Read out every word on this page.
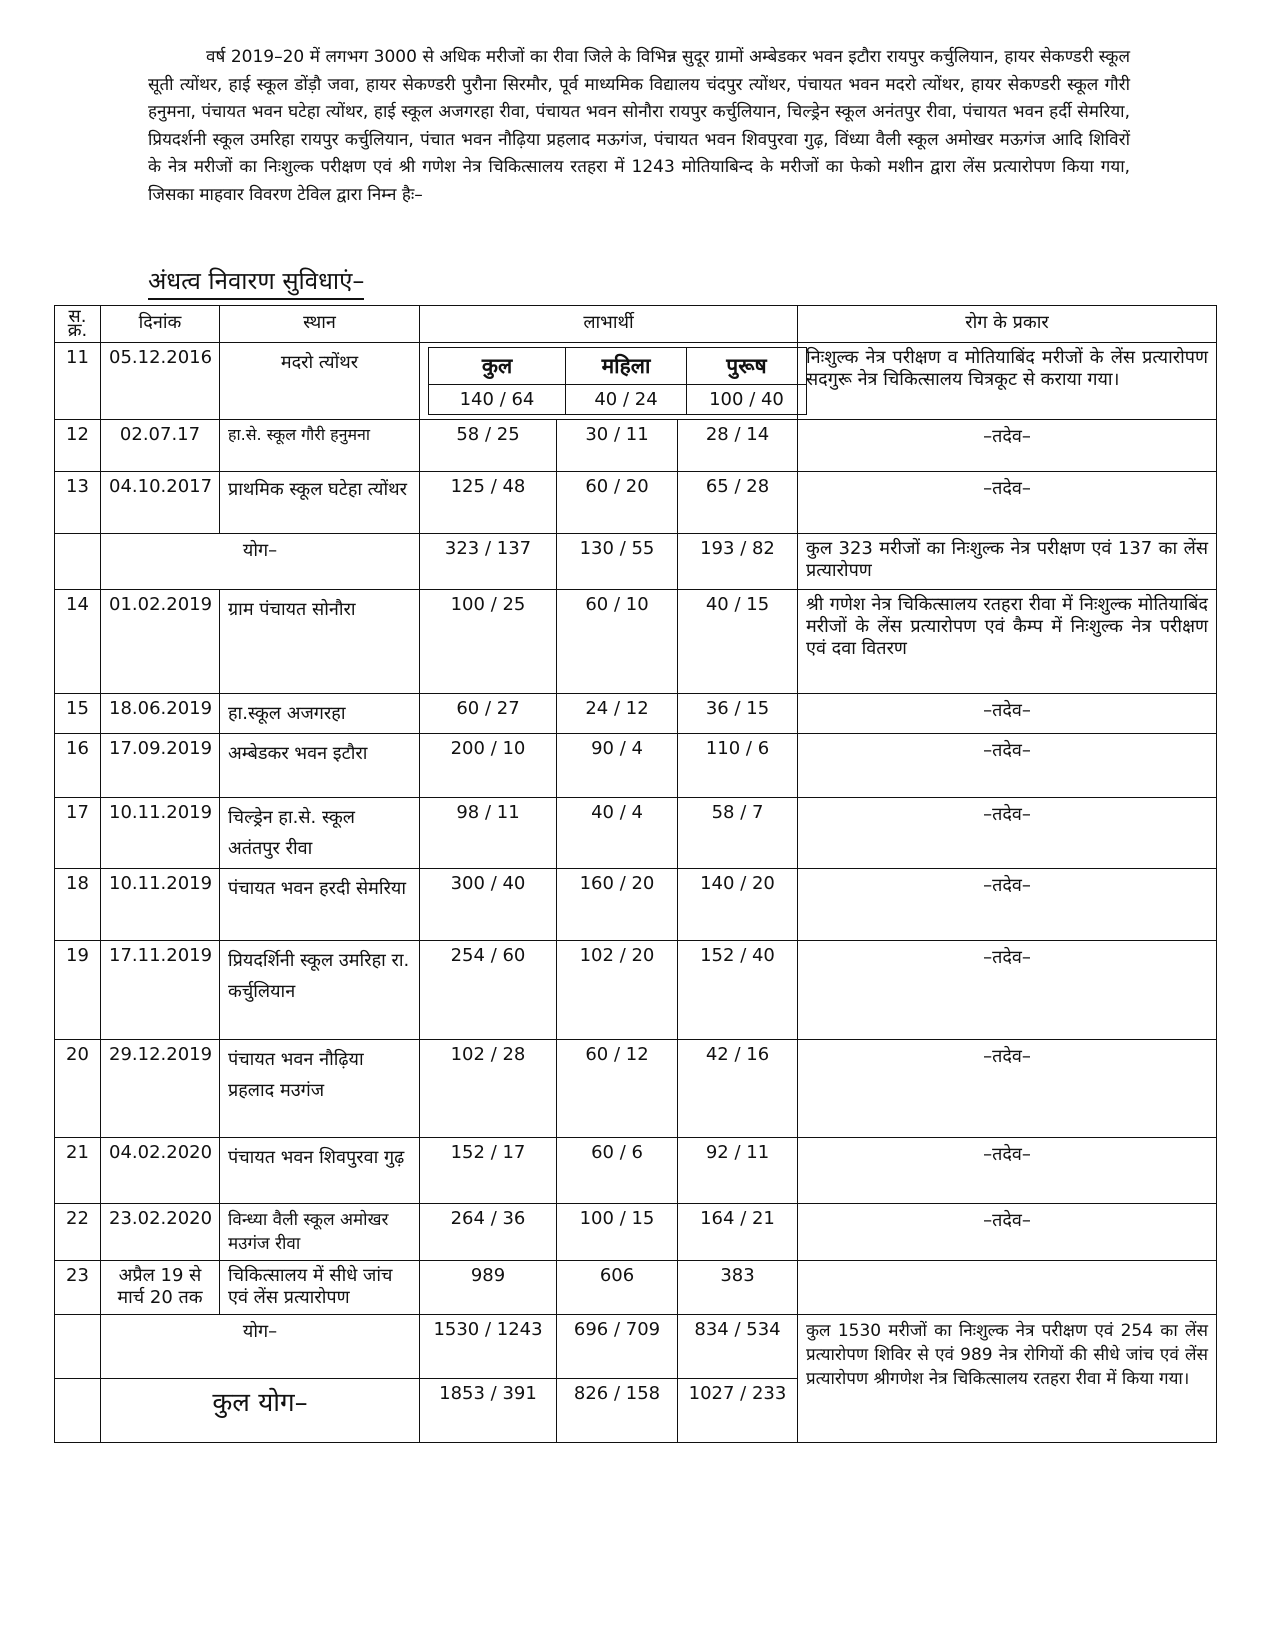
वर्ष 2019–20 में लगभग 3000 से अधिक मरीजों का रीवा जिले के विभिन्न सुदूर ग्रामों अम्बेडकर भवन इटौरा रायपुर कर्चुलियान, हायर सेकण्डरी स्कूल सूती त्योंथर, हाई स्कूल डोंड़ौ जवा, हायर सेकण्डरी पुरौना सिरमौर, पूर्व माध्यमिक विद्यालय चंदपुर त्योंथर, पंचायत भवन मदरो त्योंथर, हायर सेकण्डरी स्कूल गौरी हनुमना, पंचायत भवन घटेहा त्योंथर, हाई स्कूल अजगरहा रीवा, पंचायत भवन सोनौरा रायपुर कर्चुलियान, चिल्ड्रेन स्कूल अनंतपुर रीवा, पंचायत भवन हर्दी सेमरिया, प्रियदर्शनी स्कूल उमरिहा रायपुर कर्चुलियान, पंचात भवन नौढ़िया प्रहलाद मऊगंज, पंचायत भवन शिवपुरवा गुढ़, विंध्या वैली स्कूल अमोखर मऊगंज आदि शिविरों के नेत्र मरीजों का निःशुल्क परीक्षण एवं श्री गणेश नेत्र चिकित्सालय रतहरा में 1243 मोतियाबिन्द के मरीजों का फेको मशीन द्वारा लेंस प्रत्यारोपण किया गया, जिसका माहवार विवरण टेविल द्वारा निम्न हैः–

अंधत्व निवारण सुविधाएं–
स. क्र.	दिनांक	स्थान	लाभार्थी	रोग के प्रकार
11	05.12.2016	मदरो त्योंथर		कुल	महिला	पुरूष
140 / 64	40 / 24	100 / 40
	निःशुल्क नेत्र परीक्षण व मोतियाबिंद मरीजों के लेंस प्रत्यारोपण सदगुरू नेत्र चिकित्सालय चित्रकूट से कराया गया।
12	02.07.17	हा.से. स्कूल गौरी हनुमना	58 / 25	30 / 11	28 / 14	–तदेव–
13	04.10.2017	प्राथमिक स्कूल घटेहा त्योंथर	125 / 48	60 / 20	65 / 28	–तदेव–
	योग–	323 / 137	130 / 55	193 / 82	कुल 323 मरीजों का निःशुल्क नेत्र परीक्षण एवं 137 का लेंस प्रत्यारोपण
14	01.02.2019	ग्राम पंचायत सोनौरा	100 / 25	60 / 10	40 / 15	श्री गणेश नेत्र चिकित्सालय रतहरा रीवा में निःशुल्क मोतियाबिंद मरीजों के लेंस प्रत्यारोपण एवं कैम्प में निःशुल्क नेत्र परीक्षण एवं दवा वितरण
15	18.06.2019	हा.स्कूल अजगरहा	60 / 27	24 / 12	36 / 15	–तदेव–
16	17.09.2019	अम्बेडकर भवन इटौरा	200 / 10	90 / 4	110 / 6	–तदेव–
17	10.11.2019	चिल्ड्रेन हा.से. स्कूल अतंतपुर रीवा	98 / 11	40 / 4	58 / 7	–तदेव–
18	10.11.2019	पंचायत भवन हरदी सेमरिया	300 / 40	160 / 20	140 / 20	–तदेव–
19	17.11.2019	प्रियदर्शिनी स्कूल उमरिहा रा. कर्चुलियान	254 / 60	102 / 20	152 / 40	–तदेव–
20	29.12.2019	पंचायत भवन नौढ़िया प्रहलाद मउगंज	102 / 28	60 / 12	42 / 16	–तदेव–
21	04.02.2020	पंचायत भवन शिवपुरवा गुढ़	152 / 17	60 / 6	92 / 11	–तदेव–
22	23.02.2020	विन्ध्या वैली स्कूल अमोखर मउगंज रीवा	264 / 36	100 / 15	164 / 21	–तदेव–
23	अप्रैल 19 से मार्च 20 तक	चिकित्सालय में सीधे जांच एवं लेंस प्रत्यारोपण	989	606	383	
	योग–	1530 / 1243	696 / 709	834 / 534	कुल 1530 मरीजों का निःशुल्क नेत्र परीक्षण एवं 254 का लेंस प्रत्यारोपण शिविर से एवं 989 नेत्र रोगियों की सीधे जांच एवं लेंस प्रत्यारोपण श्रीगणेश नेत्र चिकित्सालय रतहरा रीवा में किया गया।
	कुल योग–	1853 / 391	826 / 158	1027 / 233
